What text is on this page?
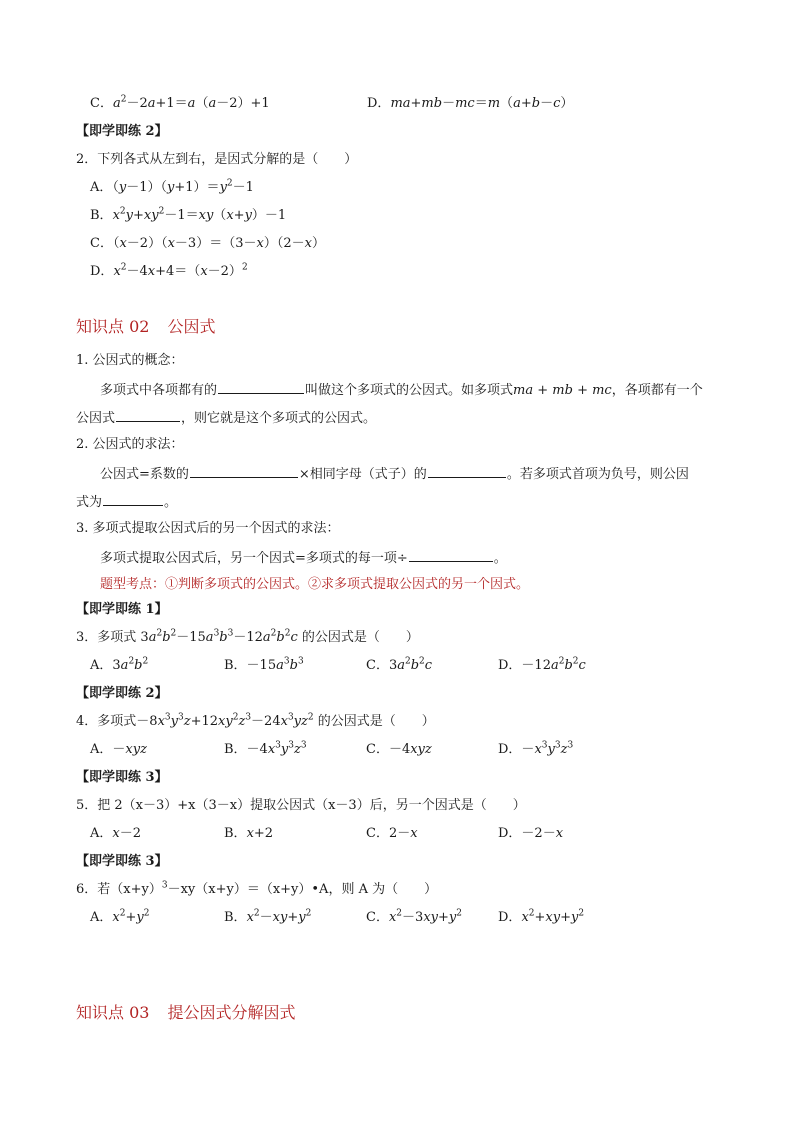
C．$a^2-2a+1=a(a-2)+1$	D．ma+mb－mc＝m（a+b－c）
【即学即练 2】
2．下列各式从左到右，是因式分解的是（　　）
A．$(y-1)(y+1)=y^2-1$
B．$x^2y+xy^2-1=xy(x+y)-1$
C．（x－2）（x－3）＝（3－x）（2－x）
D．$x^2-4x+4=(x-2)^2$
知识点 02 公因式
1. 公因式的概念：
多项式中各项都有的	叫做这个多项式的公因式。如多项式ma + mb + mc，各项都有一个
公因式	，则它就是这个多项式的公因式。
2. 公因式的求法：
公因式=系数的	×相同字母（式子）的	。若多项式首项为负号，则公因
式为	。
3. 多项式提取公因式后的另一个因式的求法：
多项式提取公因式后，另一个因式=多项式的每一项÷	。
题型考点：①判断多项式的公因式。②求多项式提取公因式的另一个因式。
【即学即练 1】
3．多项式 $3a^2b^2-15a^3b^3-12a^2b^2c$ 的公因式是（　　）
A．$3a^2b^2$	B．$-15a^3b^3$	C．$3a^2b^2c$	D．$-12a^2b^2c$
【即学即练 2】
4．多项式$-8x^3y^3z+12xy^2z^3-24x^3yz^2$ 的公因式是（　　）
A．－xyz	B．$-4x^3y^3z^3$	C．－4xyz	D．$-x^3y^3z^3$
【即学即练 3】
5．把 2（x－3）+x（3－x）提取公因式（x－3）后，另一个因式是（　　）
A．x－2	B．x+2	C．2－x	D．－2－x
【即学即练 3】
6．若$(x+y)^3-xy(x+y)=(x+y)•A$，则 A 为（　　）
A．$x^2+y^2$	B．$x^2-xy+y^2$	C．$x^2-3xy+y^2$	D．$x^2+xy+y^2$
知识点 03 提公因式分解因式
